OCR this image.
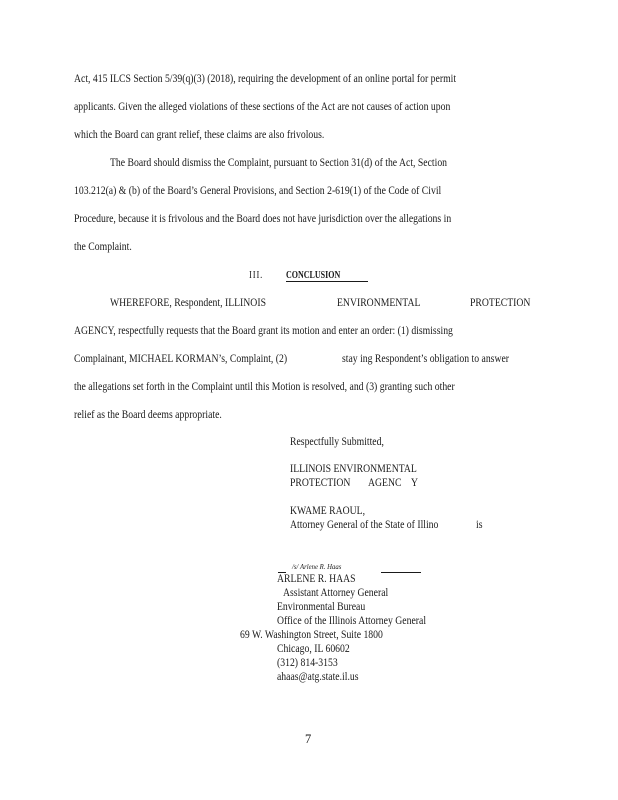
Act, 415 ILCS Section 5/39(q)(3) (2018), requiring the development of an online portal for permit
applicants. Given the alleged violations of these sections of the Act are not causes of action upon
which the Board can grant relief, these claims are also frivolous.
The Board should dismiss the Complaint, pursuant to Section 31(d) of the Act, Section
103.212(a) & (b) of the Board’s General Provisions, and Section 2-619(1) of the Code of Civil
Procedure, because it is frivolous and the Board does not have jurisdiction over the allegations in
the Complaint.
III. CONCLUSION
WHEREFORE, Respondent, ILLINOIS	ENVIRONMENTAL	PROTECTION
AGENCY, respectfully requests that the Board grant its motion and enter an order: (1) dismissing
Complainant, MICHAEL KORMAN’s, Complaint, (2)	stay ing Respondent’s obligation to answer
the allegations set forth in the Complaint until this Motion is resolved, and (3) granting such other
relief as the Board deems appropriate.
Respectfully Submitted,
ILLINOIS ENVIRONMENTAL
PROTECTION AGENC Y
KWAME RAOUL,
Attorney General of the State of Illino	is
/s/ Arlene R. Haas
ARLENE R. HAAS
Assistant Attorney General
Environmental Bureau
Office of the Illinois Attorney General
69 W. Washington Street, Suite 1800
Chicago, IL 60602
(312) 814-3153
ahaas@atg.state.il.us
7
